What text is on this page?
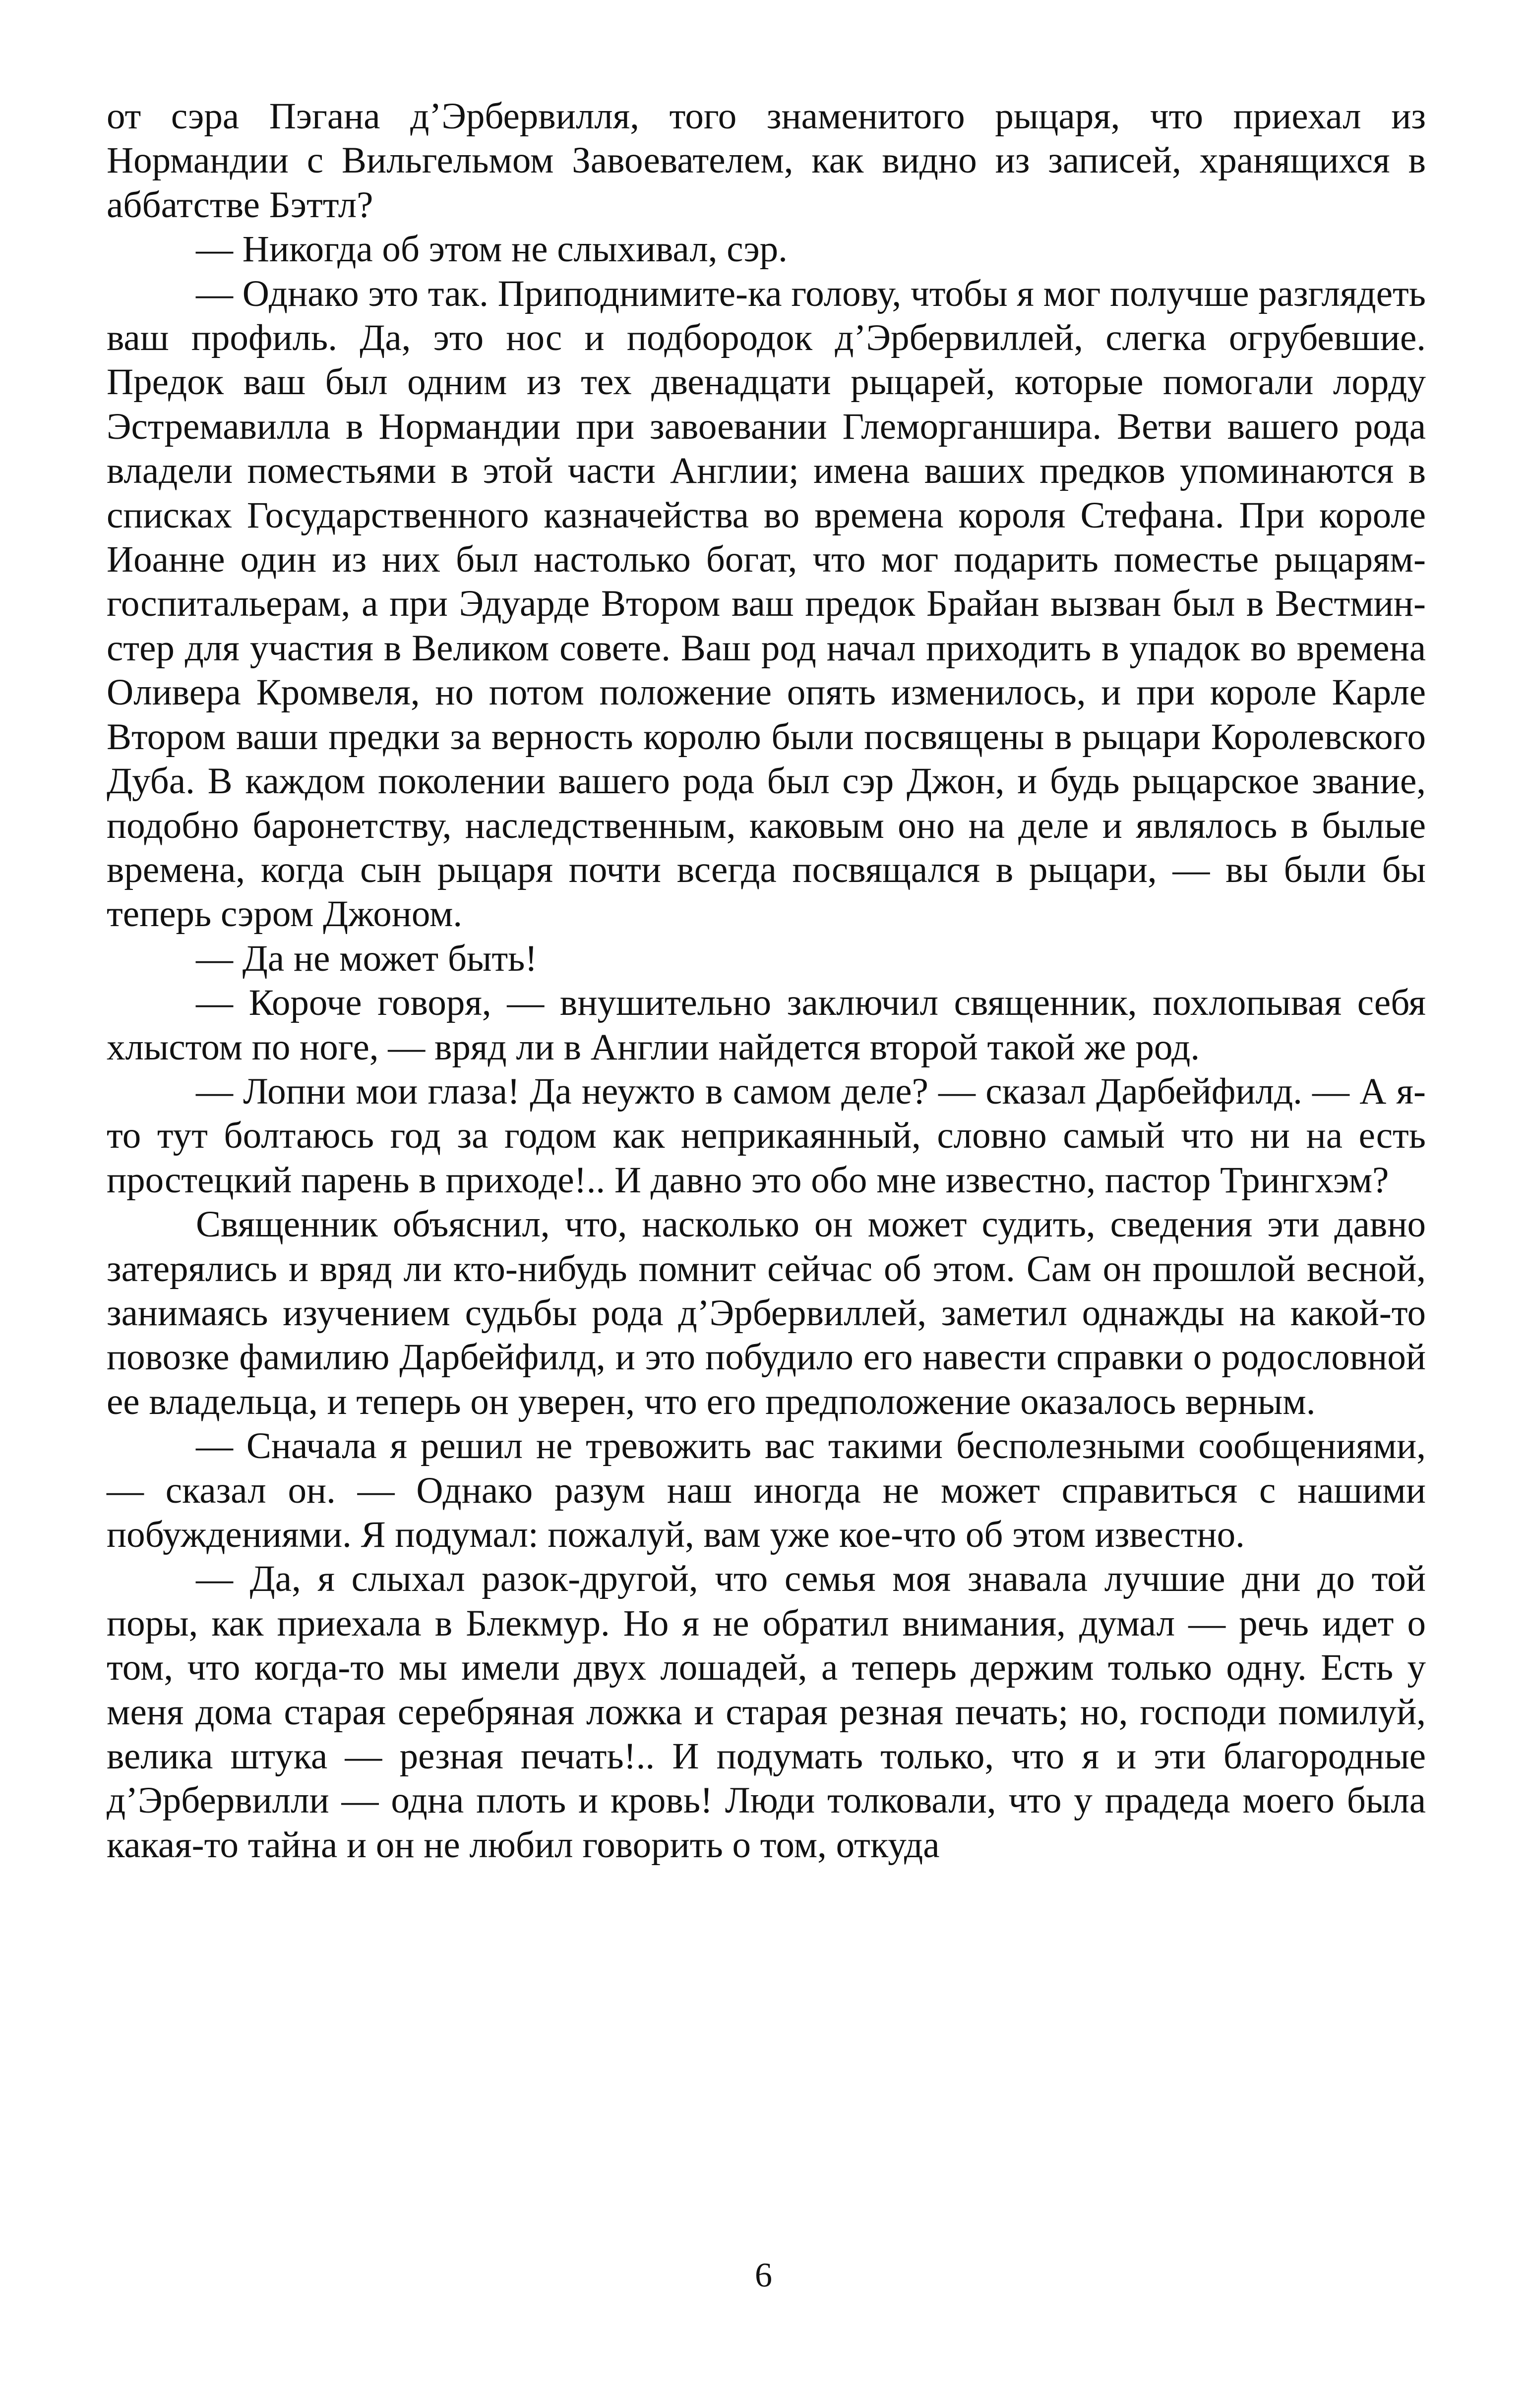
от сэра Пэгана д’Эрбервилля, того знаменитого рыцаря, что приехал из Нормандии с Вильгельмом Завоевателем, как видно из записей, хранящихся в аббатстве Бэттл?

— Никогда об этом не слыхивал, сэр.

— Однако это так. Приподнимите-ка голову, чтобы я мог получше разглядеть ваш профиль. Да, это нос и подбородок д’Эрбервиллей, слегка огрубевшие. Предок ваш был одним из тех двенадцати рыцарей, которые помогали лорду Эстремавилла в Нормандии при завоевании Глеморганшира. Ветви вашего рода владели поместьями в этой части Англии; имена ваших предков упоминаются в списках Государственного казначейства во времена короля Стефана. При короле Иоанне один из них был настолько богат, что мог подарить поместье рыцарям-госпитальерам, а при Эдуарде Втором ваш предок Брайан вызван был в Вестминстер для участия в Великом совете. Ваш род начал приходить в упадок во времена Оливера Кромвеля, но потом положение опять изменилось, и при короле Карле Втором ваши предки за верность королю были посвящены в рыцари Королевского Дуба. В каждом поколении вашего рода был сэр Джон, и будь рыцарское звание, подобно баронетству, наследственным, каковым оно на деле и являлось в былые времена, когда сын рыцаря почти всегда посвящался в рыцари, — вы были бы теперь сэром Джоном.

— Да не может быть!

— Короче говоря, — внушительно заключил священник, похлопывая себя хлыстом по ноге, — вряд ли в Англии найдется второй такой же род.

— Лопни мои глаза! Да неужто в самом деле? — сказал Дарбейфилд. — А я-то тут болтаюсь год за годом как неприкаянный, словно самый что ни на есть простецкий парень в приходе!.. И давно это обо мне известно, пастор Трингхэм?

Священник объяснил, что, насколько он может судить, сведения эти давно затерялись и вряд ли кто-нибудь помнит сейчас об этом. Сам он прошлой весной, занимаясь изучением судьбы рода д’Эрбервиллей, заметил однажды на какой-то повозке фамилию Дарбейфилд, и это побудило его навести справки о родословной ее владельца, и теперь он уверен, что его предположение оказалось верным.

— Сначала я решил не тревожить вас такими бесполезными сообщениями, — сказал он. — Однако разум наш иногда не может справиться с нашими побуждениями. Я подумал: пожалуй, вам уже кое-что об этом известно.

— Да, я слыхал разок-другой, что семья моя знавала лучшие дни до той поры, как приехала в Блекмур. Но я не обратил внимания, думал — речь идет о том, что когда-то мы имели двух лошадей, а теперь держим только одну. Есть у меня дома старая серебряная ложка и старая резная печать; но, господи помилуй, велика штука — резная печать!.. И подумать только, что я и эти благородные д’Эрбервилли — одна плоть и кровь! Люди толковали, что у прадеда моего была какая-то тайна и он не любил говорить о том, откуда

6
